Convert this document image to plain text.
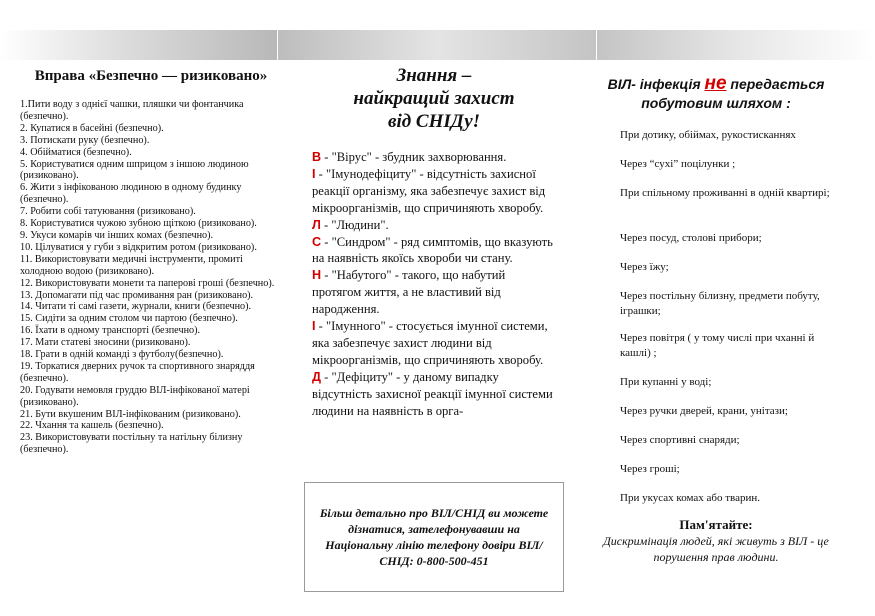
Вправа «Безпечно — ризиковано»
1.Пити воду з однієї чашки, пляшки чи фонтанчика (безпечно).
2. Купатися в басейні (безпечно).
3. Потискати руку (безпечно).
4. Обійматися (безпечно).
5. Користуватися одним шприцом з іншою людиною (ризиковано).
6. Жити з інфікованою людиною в одному будинку (безпечно).
7. Робити собі татуювання (ризиковано).
8. Користуватися чужою зубною щіткою (ризиковано).
9. Укуси комарів чи інших комах (безпечно).
10. Цілуватися у губи з відкритим ротом (ризиковано).
11. Використовувати медичні інструменти, промиті холодною водою (ризиковано).
12. Використовувати монети та паперові гроші (безпечно).
13. Допомагати під час промивання ран (ризиковано).
14. Читати ті самі газети, журнали, книги (безпечно).
15. Сидіти за одним столом чи партою (безпечно).
16. Їхати в одному транспорті (безпечно).
17. Мати статеві зносини (ризиковано).
18. Грати в одній команді з футболу(безпечно).
19. Торкатися дверних ручок та спортивного знаряддя (безпечно).
20. Годувати немовля груддю ВІЛ-інфікованої матері (ризиковано).
21. Бути вкушеним ВІЛ-інфікованим (ризиковано).
22. Чхання та кашель (безпечно).
23. Використовувати постільну та натільну білизну (безпечно).
Знання –
найкращий захист
від СНІДу!

В - "Вірус" - збудник захворювання.

І - "Імунодефіциту" - відсутність захисної реакції організму, яка забезпечує захист від мікроорганізмів, що спричиняють хворобу.

Л - "Людини".

С - "Синдром" - ряд симптомів, що вказують на наявність якоїсь хвороби чи стану.

Н - "Набутого" - такого, що набутий протягом життя, а не властивий від народження.

І - "Імунного" - стосується імунної системи, яка забезпечує захист людини від мікроорганізмів, що спричиняють хворобу.

Д - "Дефіциту" - у даному випадку відсутність захисної реакції імунної системи людини на наявність в орга-

Більш детально про ВІЛ/СНІД ви можете дізнатися, зателефонувавши на Національну лінію телефону довіри ВІЛ/СНІД: 0-800-500-451

ВІЛ- інфекція не передається побутовим шляхом :
При дотику, обіймах, рукостисканнях
Через “сухі” поцілунки ;
При спільному проживанні в одній квартирі;
Через посуд, столові прибори;
Через їжу;
Через постільну білизну, предмети побуту, іграшки;
Через повітря ( у тому числі при чханні й кашлі) ;
При купанні у воді;
Через ручки дверей, крани, унітази;
Через спортивні снаряди;
Через гроші;
При укусах комах або тварин.

Пам'ятайте:

Дискримінація людей, які живуть з ВІЛ - це порушення прав людини.
